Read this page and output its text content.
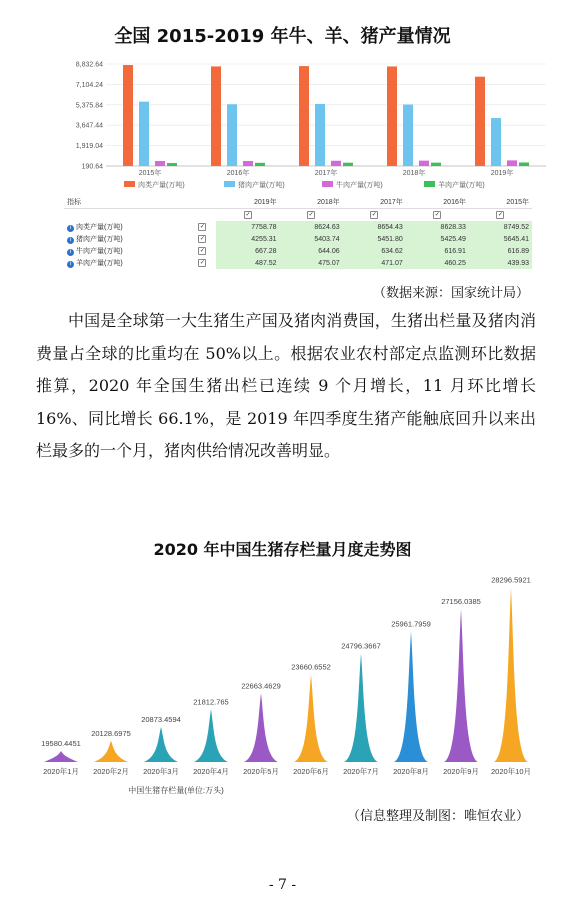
全国 2015-2019 年牛、羊、猪产量情况
8,832.64
7,104.24
5,375.84
3,647.44
1,919.04
190.64
2015年	2016年	2017年	2018年	2019年
肉类产量(万吨)	猪肉产量(万吨)	牛肉产量(万吨)	羊肉产量(万吨)
指标		2019年	2018年	2017年	2016年	2015年
		✓	✓	✓	✓	✓
i 肉类产量(万吨)	✓	7758.78	8624.63	8654.43	8628.33	8749.52
i 猪肉产量(万吨)	✓	4255.31	5403.74	5451.80	5425.49	5645.41
i 牛肉产量(万吨)	✓	667.28	644.06	634.62	616.91	616.89
i 羊肉产量(万吨)	✓	487.52	475.07	471.07	460.25	439.93
（数据来源：国家统计局）

中国是全球第一大生猪生产国及猪肉消费国，生猪出栏量及猪肉消费量占全球的比重均在 50%以上。根据农业农村部定点监测环比数据推算，2020 年全国生猪出栏已连续 9 个月增长，11 月环比增长 16%、同比增长 66.1%，是 2019 年四季度生猪产能触底回升以来出栏最多的一个月，猪肉供给情况改善明显。

2020 年中国生猪存栏量月度走势图
19580.4451
2020年1月
20128.6975
2020年2月
20873.4594
2020年3月
21812.765
2020年4月
22663.4629
2020年5月
23660.6552
2020年6月
24796.3667
2020年7月
25961.7959
2020年8月
27156.0385
2020年9月
28296.5921
2020年10月
中国生猪存栏量(单位:万头)
（信息整理及制图：唯恒农业）
- 7 -
